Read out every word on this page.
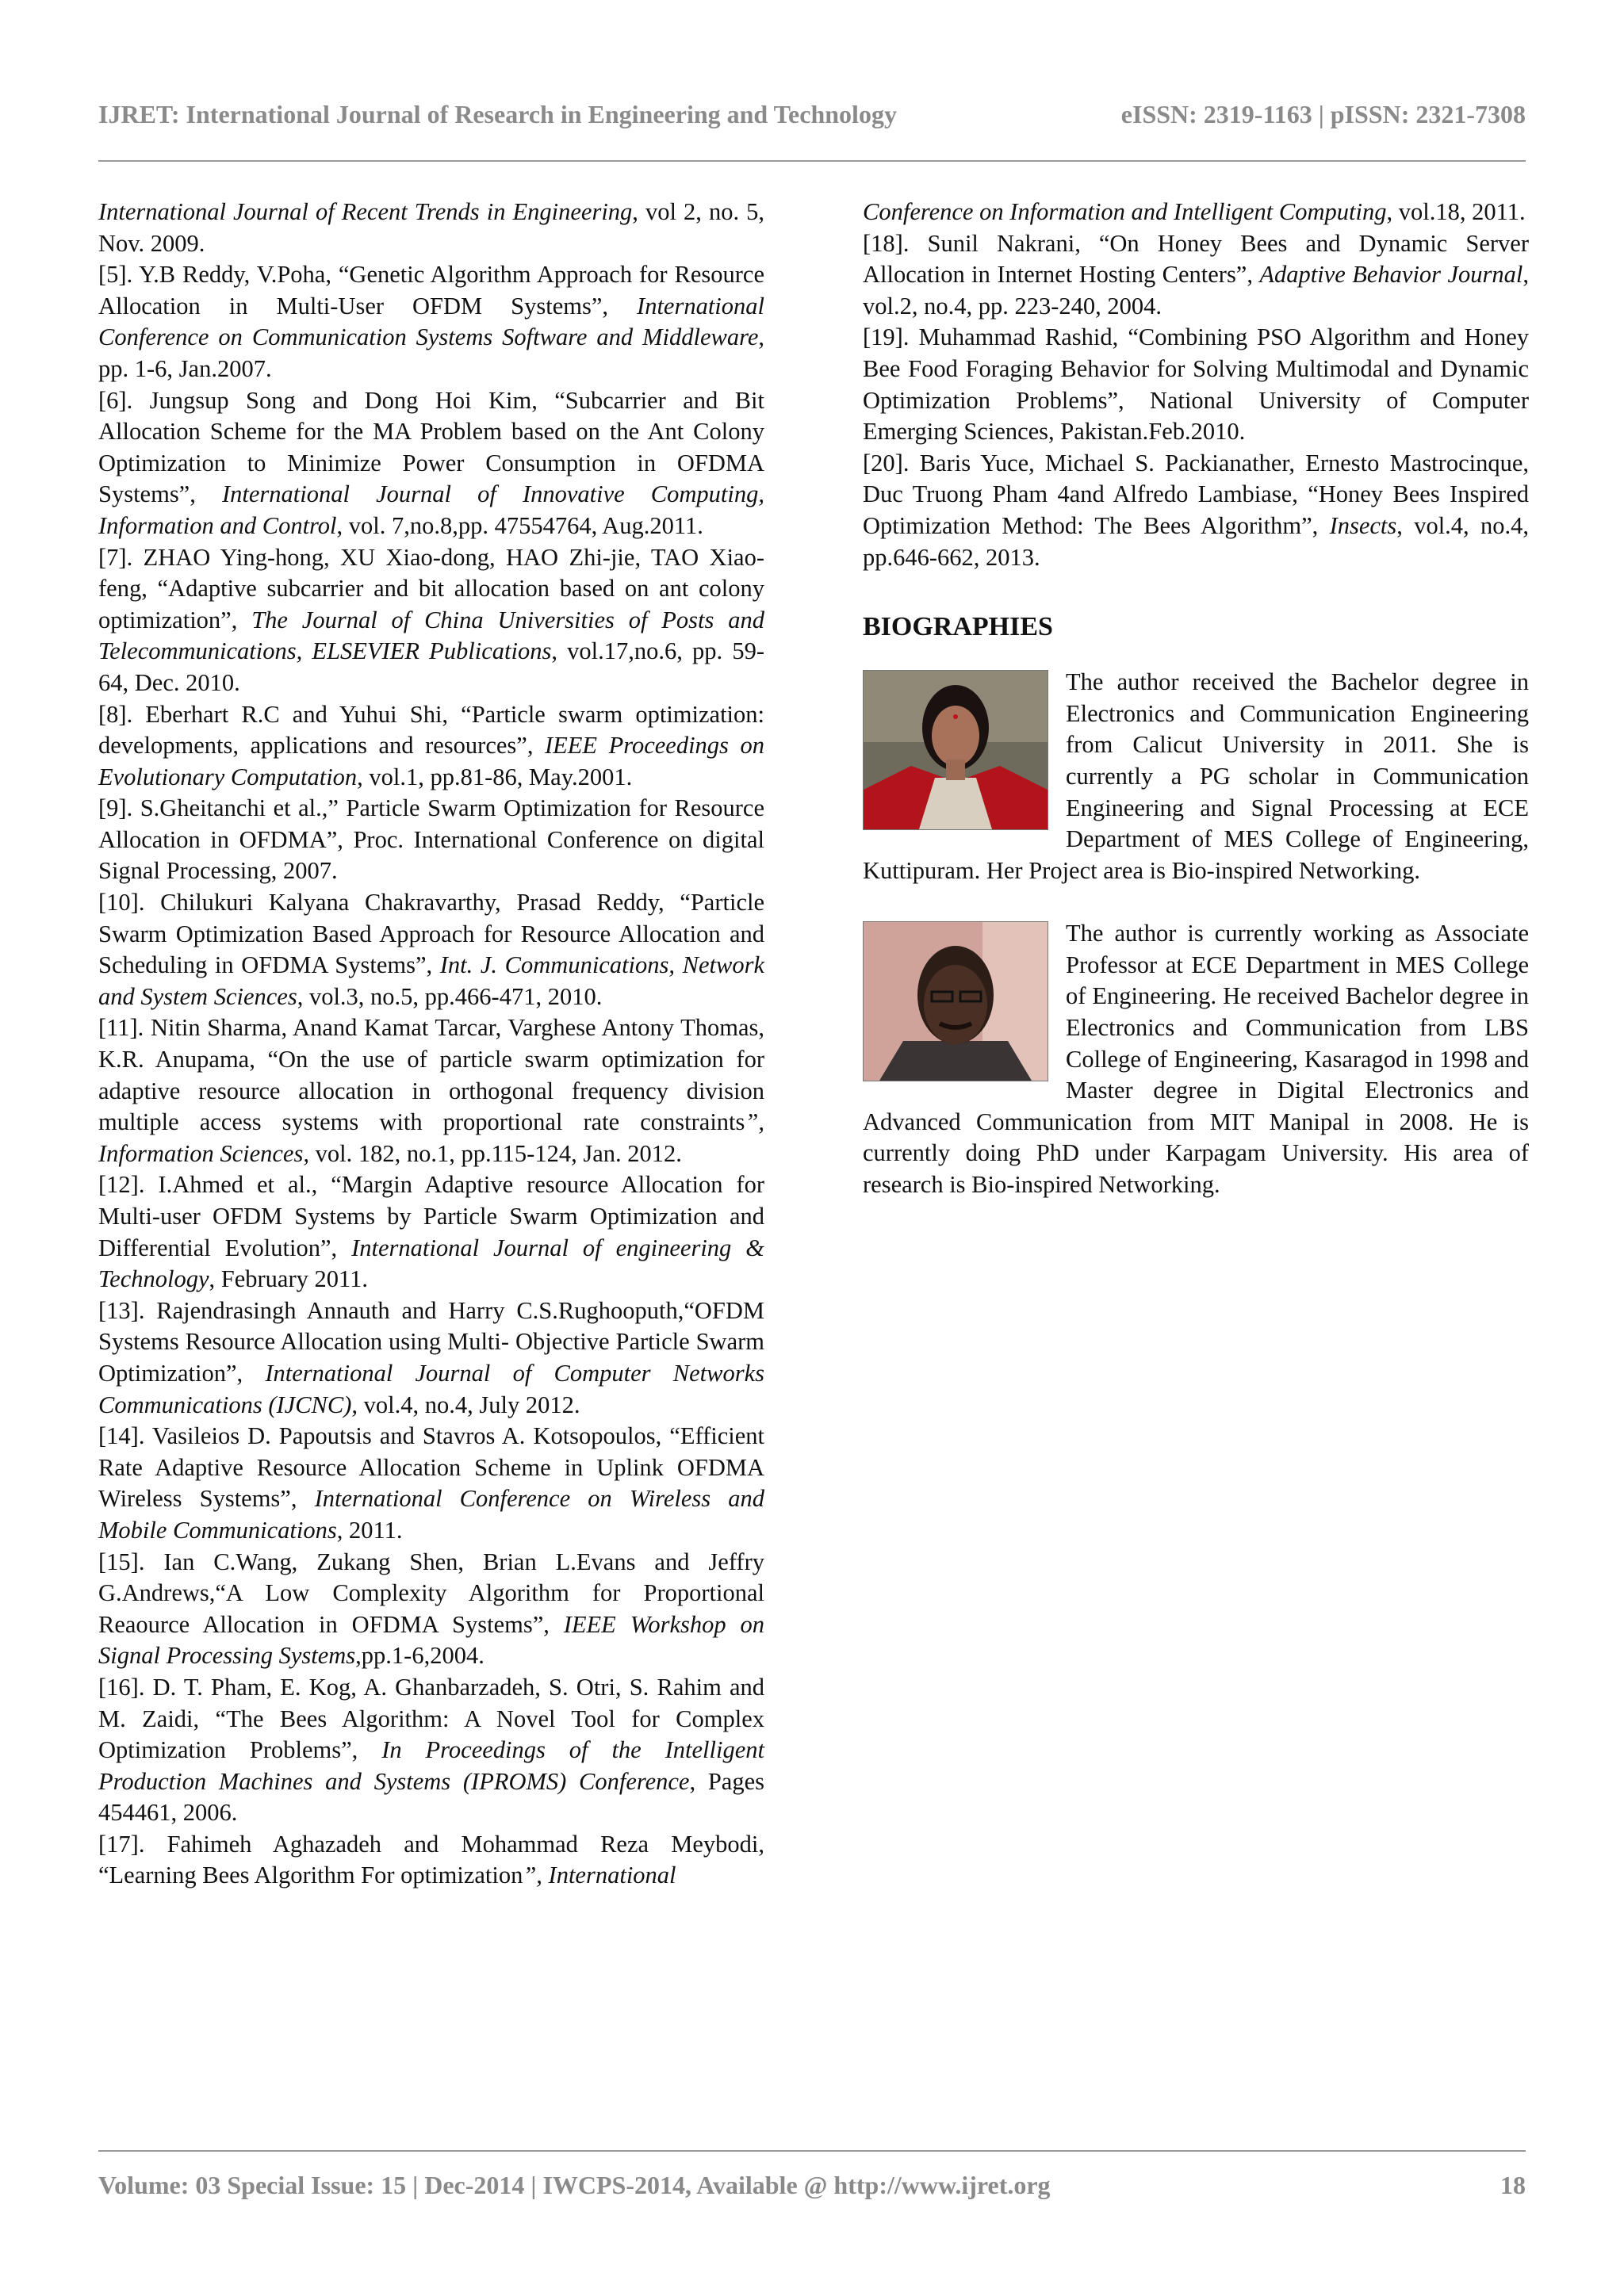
IJRET: International Journal of Research in Engineering and Technology	eISSN: 2319-1163 | pISSN: 2321-7308

International Journal of Recent Trends in Engineering, vol 2, no. 5, Nov. 2009.

[5]. Y.B Reddy, V.Poha, “Genetic Algorithm Approach for Resource Allocation in Multi-User OFDM Systems”, International Conference on Communication Systems Software and Middleware, pp. 1-6, Jan.2007.

[6]. Jungsup Song and Dong Hoi Kim, “Subcarrier and Bit Allocation Scheme for the MA Problem based on the Ant Colony Optimization to Minimize Power Consumption in OFDMA Systems”, International Journal of Innovative Computing, Information and Control, vol. 7,no.8,pp. 47554764, Aug.2011.

[7]. ZHAO Ying-hong, XU Xiao-dong, HAO Zhi-jie, TAO Xiao-feng, “Adaptive subcarrier and bit allocation based on ant colony optimization”, The Journal of China Universities of Posts and Telecommunications, ELSEVIER Publications, vol.17,no.6, pp. 59-64, Dec. 2010.

[8]. Eberhart R.C and Yuhui Shi, “Particle swarm optimization: developments, applications and resources”, IEEE Proceedings on Evolutionary Computation, vol.1, pp.81-86, May.2001.

[9]. S.Gheitanchi et al.,” Particle Swarm Optimization for Resource Allocation in OFDMA”, Proc. International Conference on digital Signal Processing, 2007.

[10]. Chilukuri Kalyana Chakravarthy, Prasad Reddy, “Particle Swarm Optimization Based Approach for Resource Allocation and Scheduling in OFDMA Systems”, Int. J. Communications, Network and System Sciences, vol.3, no.5, pp.466-471, 2010.

[11]. Nitin Sharma, Anand Kamat Tarcar, Varghese Antony Thomas, K.R. Anupama, “On the use of particle swarm optimization for adaptive resource allocation in orthogonal frequency division multiple access systems with proportional rate constraints”, Information Sciences, vol. 182, no.1, pp.115-124, Jan. 2012.

[12]. I.Ahmed et al., “Margin Adaptive resource Allocation for Multi-user OFDM Systems by Particle Swarm Optimization and Differential Evolution”, International Journal of engineering & Technology, February 2011.

[13]. Rajendrasingh Annauth and Harry C.S.Rughooputh,“OFDM Systems Resource Allocation using Multi- Objective Particle Swarm Optimization”, International Journal of Computer Networks Communications (IJCNC), vol.4, no.4, July 2012.

[14]. Vasileios D. Papoutsis and Stavros A. Kotsopoulos, “Efficient Rate Adaptive Resource Allocation Scheme in Uplink OFDMA Wireless Systems”, International Conference on Wireless and Mobile Communications, 2011.

[15]. Ian C.Wang, Zukang Shen, Brian L.Evans and Jeffry G.Andrews,“A Low Complexity Algorithm for Proportional Reaource Allocation in OFDMA Systems”, IEEE Workshop on Signal Processing Systems,pp.1-6,2004.

[16]. D. T. Pham, E. Kog, A. Ghanbarzadeh, S. Otri, S. Rahim and M. Zaidi, “The Bees Algorithm: A Novel Tool for Complex Optimization Problems”, In Proceedings of the Intelligent Production Machines and Systems (IPROMS) Conference, Pages 454461, 2006.

[17]. Fahimeh Aghazadeh and Mohammad Reza Meybodi, “Learning Bees Algorithm For optimization”, International

Conference on Information and Intelligent Computing, vol.18, 2011.

[18]. Sunil Nakrani, “On Honey Bees and Dynamic Server Allocation in Internet Hosting Centers”, Adaptive Behavior Journal, vol.2, no.4, pp. 223-240, 2004.

[19]. Muhammad Rashid, “Combining PSO Algorithm and Honey Bee Food Foraging Behavior for Solving Multimodal and Dynamic Optimization Problems”, National University of Computer Emerging Sciences, Pakistan.Feb.2010.

[20]. Baris Yuce, Michael S. Packianather, Ernesto Mastrocinque, Duc Truong Pham 4and Alfredo Lambiase, “Honey Bees Inspired Optimization Method: The Bees Algorithm”, Insects, vol.4, no.4, pp.646-662, 2013.

BIOGRAPHIES

The author received the Bachelor degree in Electronics and Communication Engineering from Calicut University in 2011. She is currently a PG scholar in Communication Engineering and Signal Processing at ECE Department of MES College of Engineering, Kuttipuram. Her Project area is Bio-inspired Networking.

The author is currently working as Associate Professor at ECE Department in MES College of Engineering. He received Bachelor degree in Electronics and Communication from LBS College of Engineering, Kasaragod in 1998 and Master degree in Digital Electronics and Advanced Communication from MIT Manipal in 2008. He is currently doing PhD under Karpagam University. His area of research is Bio-inspired Networking.

Volume: 03 Special Issue: 15 | Dec-2014 | IWCPS-2014, Available @ http://www.ijret.org	18
